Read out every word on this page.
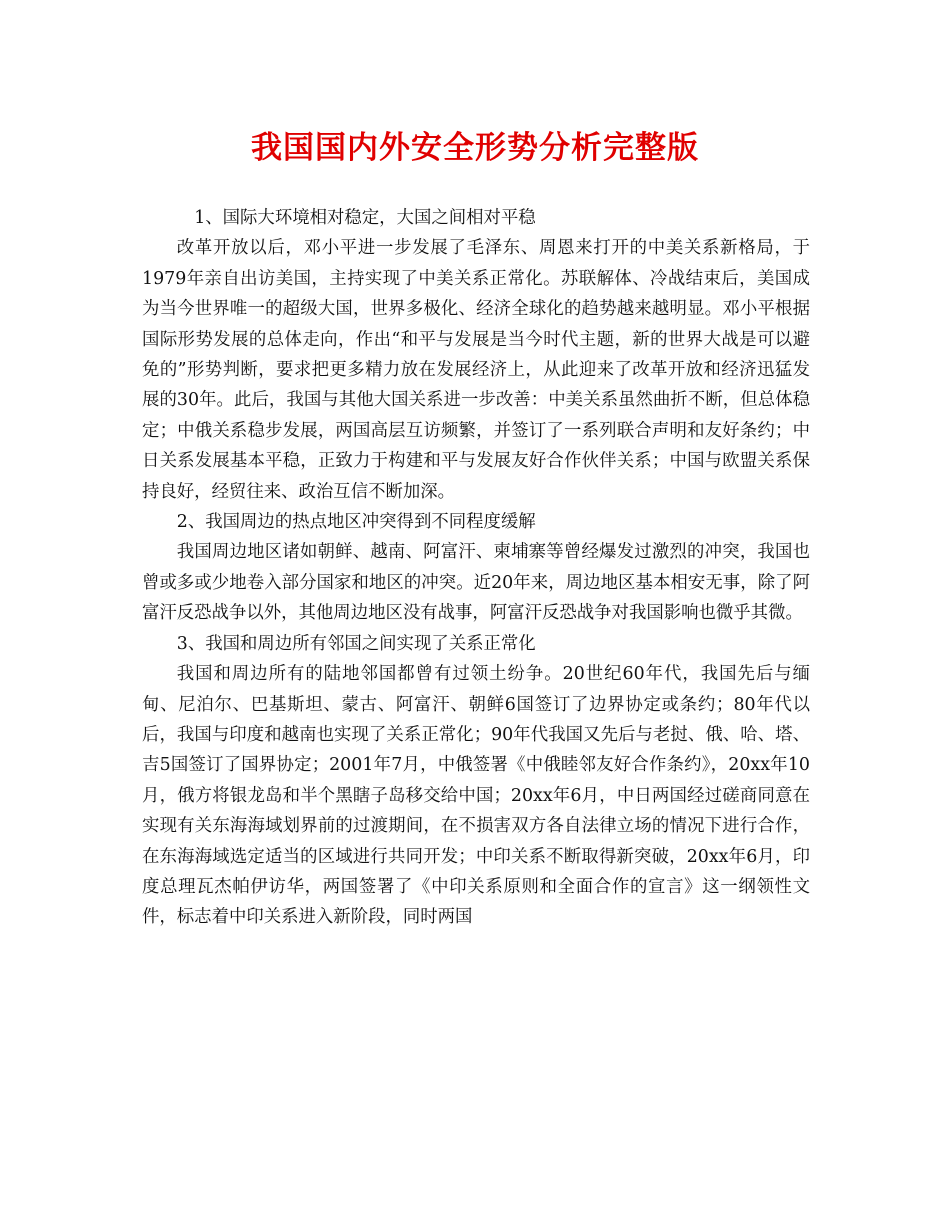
我国国内外安全形势分析完整版

1、国际大环境相对稳定，大国之间相对平稳

改革开放以后，邓小平进一步发展了毛泽东、周恩来打开的中美关系新格局，于1979年亲自出访美国，主持实现了中美关系正常化。苏联解体、冷战结束后，美国成为当今世界唯一的超级大国，世界多极化、经济全球化的趋势越来越明显。邓小平根据国际形势发展的总体走向，作出“和平与发展是当今时代主题，新的世界大战是可以避免的”形势判断，要求把更多精力放在发展经济上，从此迎来了改革开放和经济迅猛发展的30年。此后，我国与其他大国关系进一步改善：中美关系虽然曲折不断，但总体稳定；中俄关系稳步发展，两国高层互访频繁，并签订了一系列联合声明和友好条约；中日关系发展基本平稳，正致力于构建和平与发展友好合作伙伴关系；中国与欧盟关系保持良好，经贸往来、政治互信不断加深。

2、我国周边的热点地区冲突得到不同程度缓解

我国周边地区诸如朝鲜、越南、阿富汗、柬埔寨等曾经爆发过激烈的冲突，我国也曾或多或少地卷入部分国家和地区的冲突。近20年来，周边地区基本相安无事，除了阿富汗反恐战争以外，其他周边地区没有战事，阿富汗反恐战争对我国影响也微乎其微。

3、我国和周边所有邻国之间实现了关系正常化

我国和周边所有的陆地邻国都曾有过领土纷争。20世纪60年代，我国先后与缅甸、尼泊尔、巴基斯坦、蒙古、阿富汗、朝鲜6国签订了边界协定或条约；80年代以后，我国与印度和越南也实现了关系正常化；90年代我国又先后与老挝、俄、哈、塔、吉5国签订了国界协定；2001年7月，中俄签署《中俄睦邻友好合作条约》，20xx年10月，俄方将银龙岛和半个黑瞎子岛移交给中国；20xx年6月，中日两国经过磋商同意在实现有关东海海域划界前的过渡期间，在不损害双方各自法律立场的情况下进行合作，在东海海域选定适当的区域进行共同开发；中印关系不断取得新突破，20xx年6月，印度总理瓦杰帕伊访华，两国签署了《中印关系原则和全面合作的宣言》这一纲领性文件，标志着中印关系进入新阶段，同时两国
